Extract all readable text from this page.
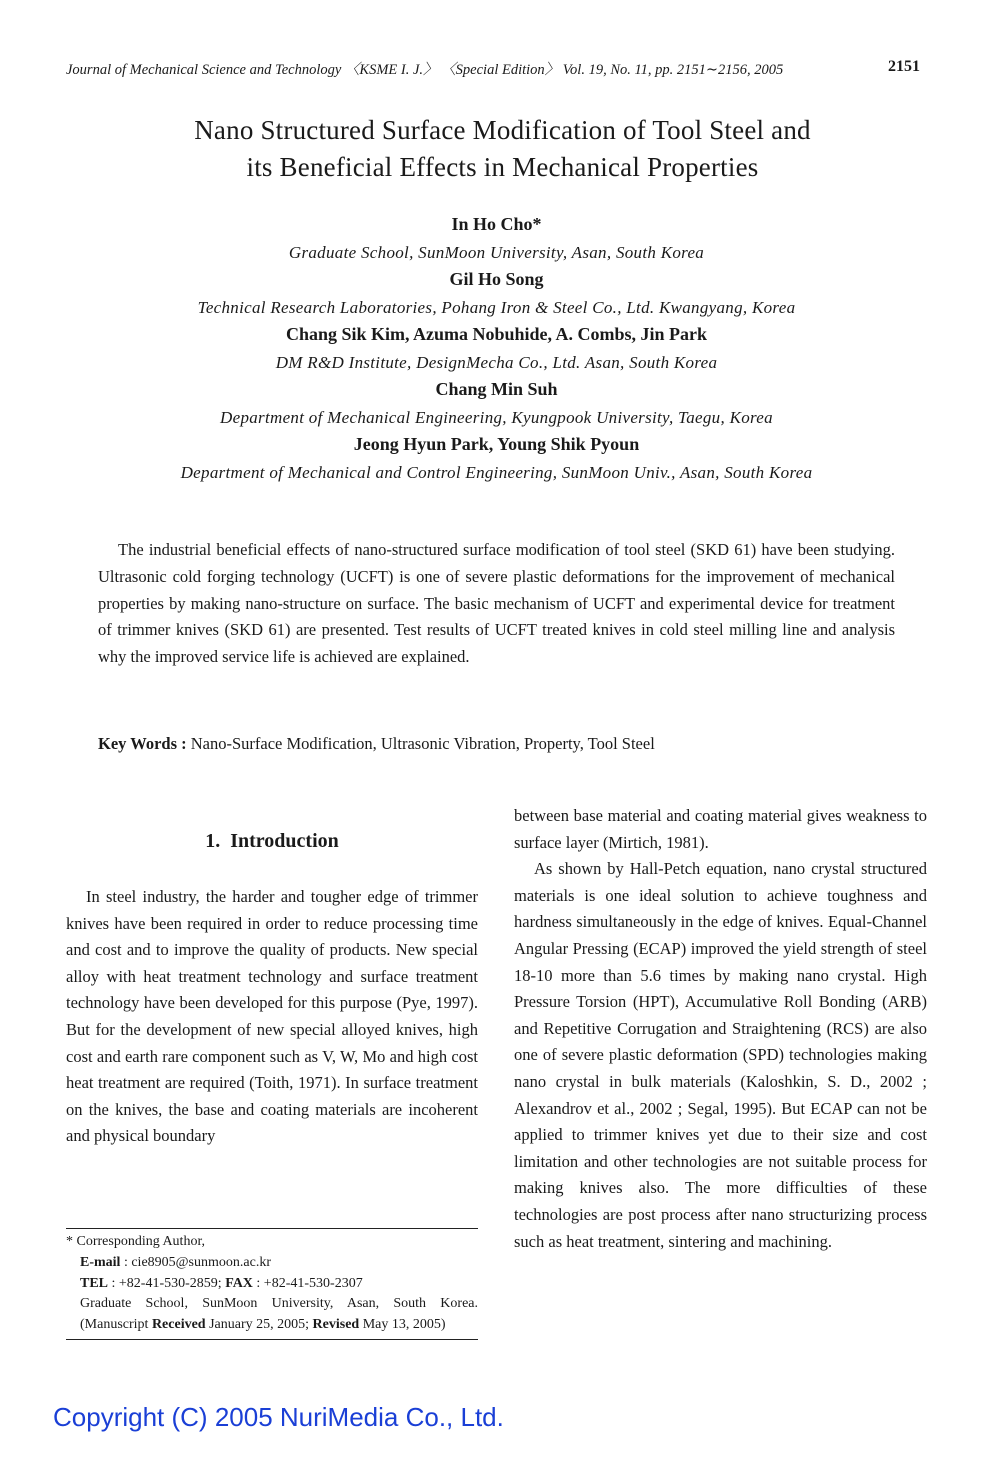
Journal of Mechanical Science and Technology 〈KSME I. J.〉 〈Special Edition〉 Vol. 19, No. 11, pp. 2151∼2156, 2005	2151
Nano Structured Surface Modification of Tool Steel and
its Beneficial Effects in Mechanical Properties
In Ho Cho*
Graduate School, SunMoon University, Asan, South Korea
Gil Ho Song
Technical Research Laboratories, Pohang Iron & Steel Co., Ltd. Kwangyang, Korea
Chang Sik Kim, Azuma Nobuhide, A. Combs, Jin Park
DM R&D Institute, DesignMecha Co., Ltd. Asan, South Korea
Chang Min Suh
Department of Mechanical Engineering, Kyungpook University, Taegu, Korea
Jeong Hyun Park, Young Shik Pyoun
Department of Mechanical and Control Engineering, SunMoon Univ., Asan, South Korea
The industrial beneficial effects of nano-structured surface modification of tool steel (SKD 61) have been studying. Ultrasonic cold forging technology (UCFT) is one of severe plastic deformations for the improvement of mechanical properties by making nano-structure on surface. The basic mechanism of UCFT and experimental device for treatment of trimmer knives (SKD 61) are presented. Test results of UCFT treated knives in cold steel milling line and analysis why the improved service life is achieved are explained.
Key Words : Nano-Surface Modification, Ultrasonic Vibration, Property, Tool Steel
1. Introduction

In steel industry, the harder and tougher edge of trimmer knives have been required in order to reduce processing time and cost and to improve the quality of products. New special alloy with heat treatment technology and surface treatment technology have been developed for this purpose (Pye, 1997). But for the development of new special alloyed knives, high cost and earth rare component such as V, W, Mo and high cost heat treatment are required (Toith, 1971). In surface treatment on the knives, the base and coating materials are incoherent and physical boundary

between base material and coating material gives weakness to surface layer (Mirtich, 1981).

As shown by Hall-Petch equation, nano crystal structured materials is one ideal solution to achieve toughness and hardness simultaneously in the edge of knives. Equal-Channel Angular Pressing (ECAP) improved the yield strength of steel 18-10 more than 5.6 times by making nano crystal. High Pressure Torsion (HPT), Accumulative Roll Bonding (ARB) and Repetitive Corrugation and Straightening (RCS) are also one of severe plastic deformation (SPD) technologies making nano crystal in bulk materials (Kaloshkin, S. D., 2002 ; Alexandrov et al., 2002 ; Segal, 1995). But ECAP can not be applied to trimmer knives yet due to their size and cost limitation and other technologies are not suitable process for making knives also. The more difficulties of these technologies are post process after nano structurizing process such as heat treatment, sintering and machining.

* Corresponding Author,
E-mail : cie8905@sunmoon.ac.kr
TEL : +82-41-530-2859; FAX : +82-41-530-2307
Graduate School, SunMoon University, Asan, South Korea. (Manuscript Received January 25, 2005; Revised May 13, 2005)
Copyright (C) 2005 NuriMedia Co., Ltd.
